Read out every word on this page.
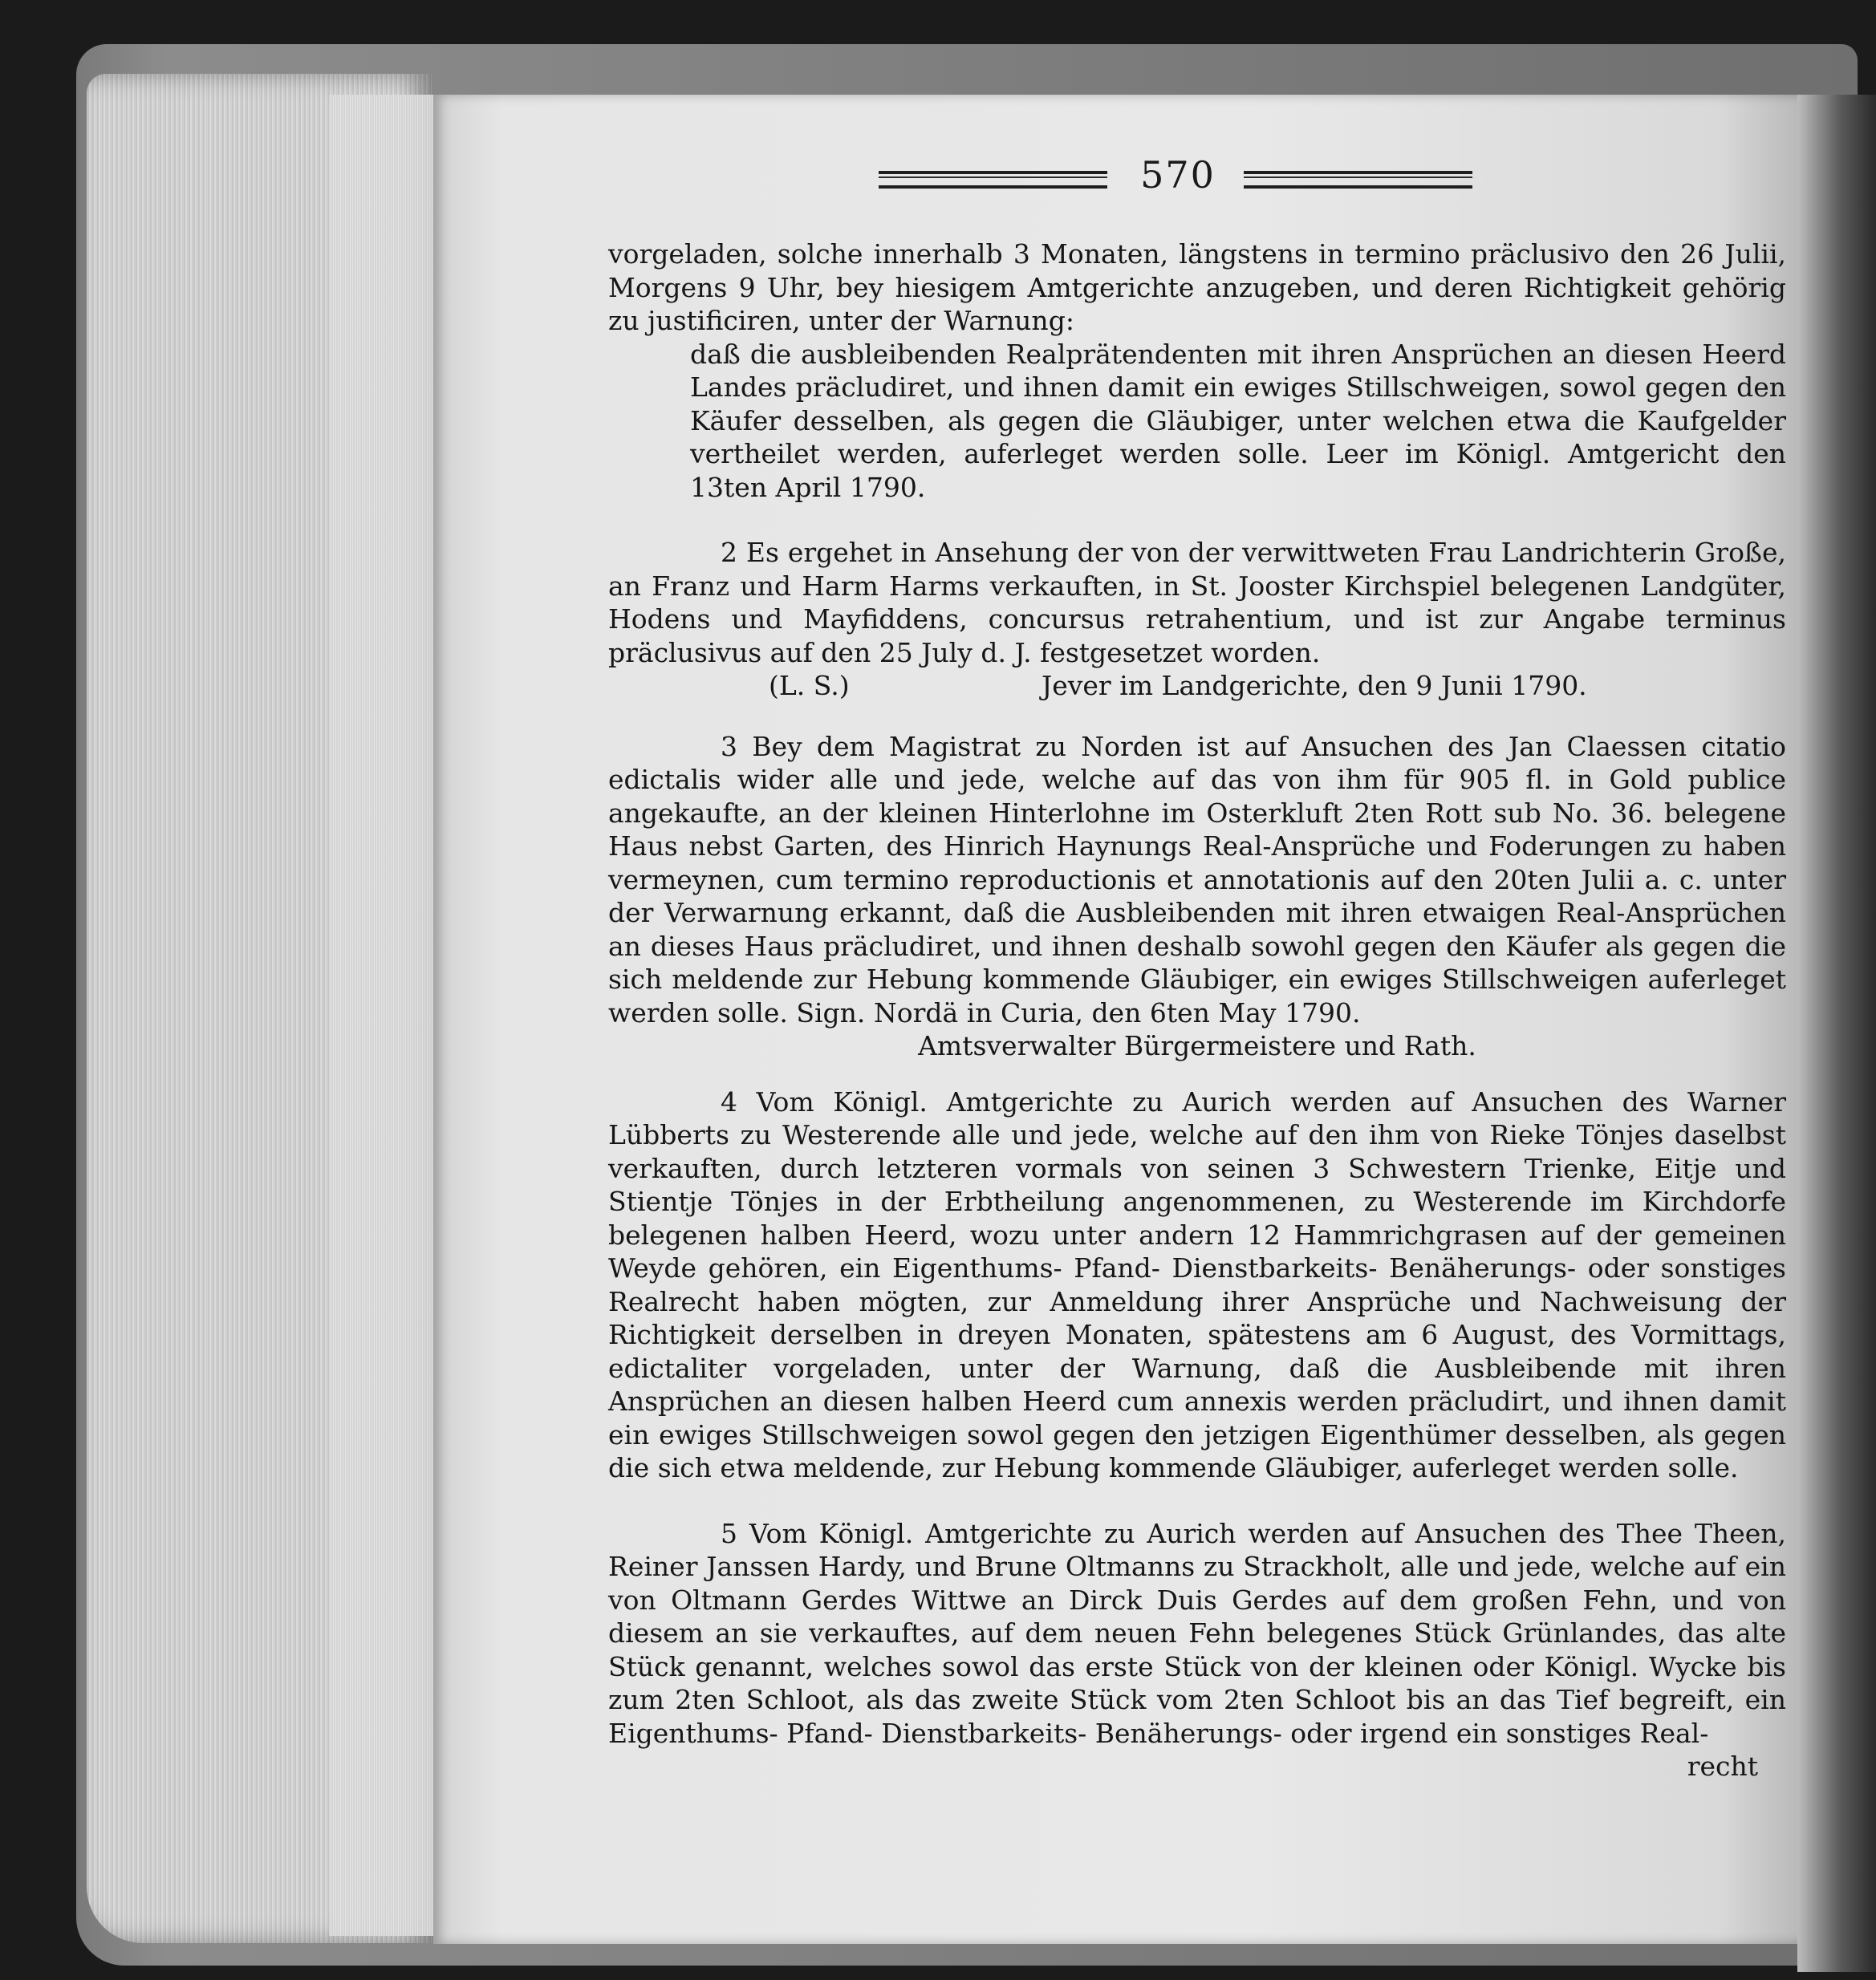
570

vorgeladen, solche innerhalb 3 Monaten, längstens in termino präclusivo den 26 Julii, Morgens 9 Uhr, bey hiesigem Amtgerichte anzugeben, und deren Richtigkeit gehörig zu justificiren, unter der Warnung:

daß die ausbleibenden Realprätendenten mit ihren Ansprüchen an diesen Heerd Landes präcludiret, und ihnen damit ein ewiges Stillschweigen, sowol gegen den Käufer desselben, als gegen die Gläubiger, unter welchen etwa die Kaufgelder vertheilet werden, auferleget werden solle. Leer im Königl. Amtgericht den 13ten April 1790.

2 Es ergehet in Ansehung der von der verwittweten Frau Landrichterin Große, an Franz und Harm Harms verkauften, in St. Jooster Kirchspiel belegenen Landgüter, Hodens und Mayfiddens, concursus retrahentium, und ist zur Angabe terminus präclusivus auf den 25 July d. J. festgesetzet worden.

(L. S.)	Jever im Landgerichte, den 9 Junii 1790.

3 Bey dem Magistrat zu Norden ist auf Ansuchen des Jan Claessen citatio edictalis wider alle und jede, welche auf das von ihm für 905 fl. in Gold publice angekaufte, an der kleinen Hinterlohne im Osterkluft 2ten Rott sub No. 36. belegene Haus nebst Garten, des Hinrich Haynungs Real-Ansprüche und Foderungen zu haben vermeynen, cum termino reproductionis et annotationis auf den 20ten Julii a. c. unter der Verwarnung erkannt, daß die Ausbleibenden mit ihren etwaigen Real-Ansprüchen an dieses Haus präcludiret, und ihnen deshalb sowohl gegen den Käufer als gegen die sich meldende zur Hebung kommende Gläubiger, ein ewiges Stillschweigen auferleget werden solle. Sign. Nordä in Curia, den 6ten May 1790.

Amtsverwalter Bürgermeistere und Rath.

4 Vom Königl. Amtgerichte zu Aurich werden auf Ansuchen des Warner Lübberts zu Westerende alle und jede, welche auf den ihm von Rieke Tönjes daselbst verkauften, durch letzteren vormals von seinen 3 Schwestern Trienke, Eitje und Stientje Tönjes in der Erbtheilung angenommenen, zu Westerende im Kirchdorfe belegenen halben Heerd, wozu unter andern 12 Hammrichgrasen auf der gemeinen Weyde gehören, ein Eigenthums- Pfand- Dienstbarkeits- Benäherungs- oder sonstiges Realrecht haben mögten, zur Anmeldung ihrer Ansprüche und Nachweisung der Richtigkeit derselben in dreyen Monaten, spätestens am 6 August, des Vormittags, edictaliter vorgeladen, unter der Warnung, daß die Ausbleibende mit ihren Ansprüchen an diesen halben Heerd cum annexis werden präcludirt, und ihnen damit ein ewiges Stillschweigen sowol gegen den jetzigen Eigenthümer desselben, als gegen die sich etwa meldende, zur Hebung kommende Gläubiger, auferleget werden solle.

5 Vom Königl. Amtgerichte zu Aurich werden auf Ansuchen des Thee Theen, Reiner Janssen Hardy, und Brune Oltmanns zu Strackholt, alle und jede, welche auf ein von Oltmann Gerdes Wittwe an Dirck Duis Gerdes auf dem großen Fehn, und von diesem an sie verkauftes, auf dem neuen Fehn belegenes Stück Grünlandes, das alte Stück genannt, welches sowol das erste Stück von der kleinen oder Königl. Wycke bis zum 2ten Schloot, als das zweite Stück vom 2ten Schloot bis an das Tief begreift, ein Eigenthums- Pfand- Dienstbarkeits- Benäherungs- oder irgend ein sonstiges Real-

recht
